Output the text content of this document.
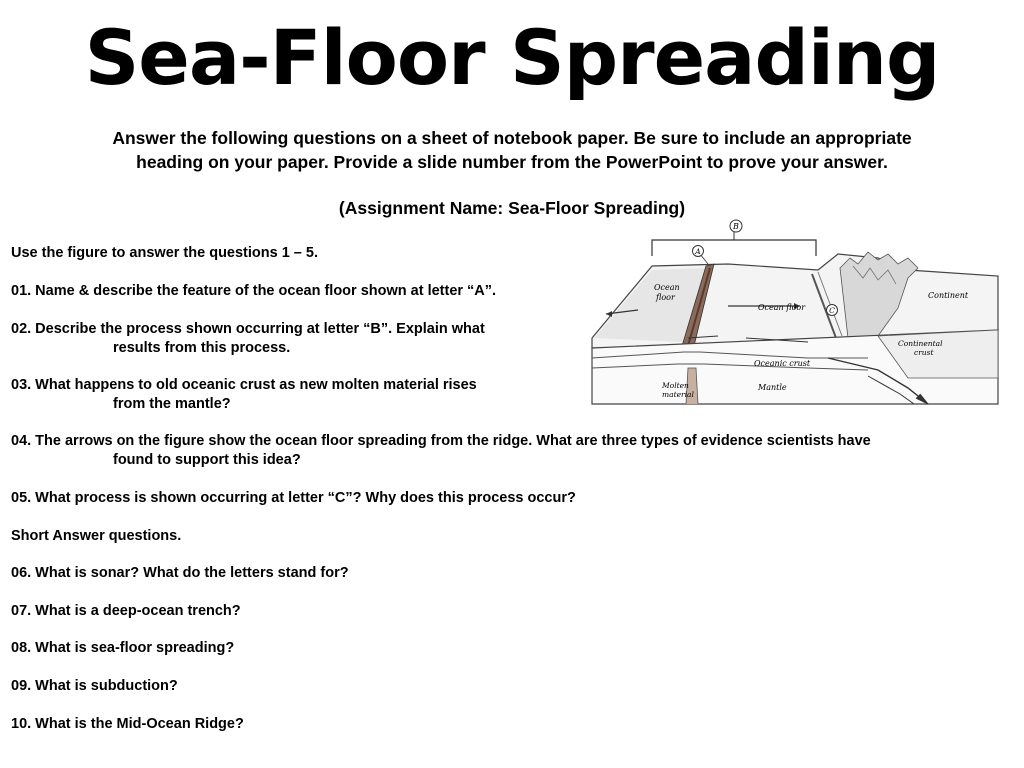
Sea-Floor Spreading
Answer the following questions on a sheet of notebook paper. Be sure to include an appropriate
heading on your paper. Provide a slide number from the PowerPoint to prove your answer.
(Assignment Name: Sea-Floor Spreading)
Use the figure to answer the questions 1 – 5.
01. Name & describe the feature of the ocean floor shown at letter “A”.
02. Describe the process shown occurring at letter “B”. Explain what
results from this process.
03. What happens to old oceanic crust as new molten material rises
from the mantle?
04. The arrows on the figure show the ocean floor spreading from the ridge. What are three types of evidence scientists have
found to support this idea?
05. What process is shown occurring at letter “C”? Why does this process occur?
Short Answer questions.
06. What is sonar? What do the letters stand for?
07. What is a deep-ocean trench?
08. What is sea-floor spreading?
09. What is subduction?
10. What is the Mid-Ocean Ridge?
B
A
C
Ocean
floor
Ocean floor
Continent
Continental
crust
Oceanic crust
Mantle
Molten
material
